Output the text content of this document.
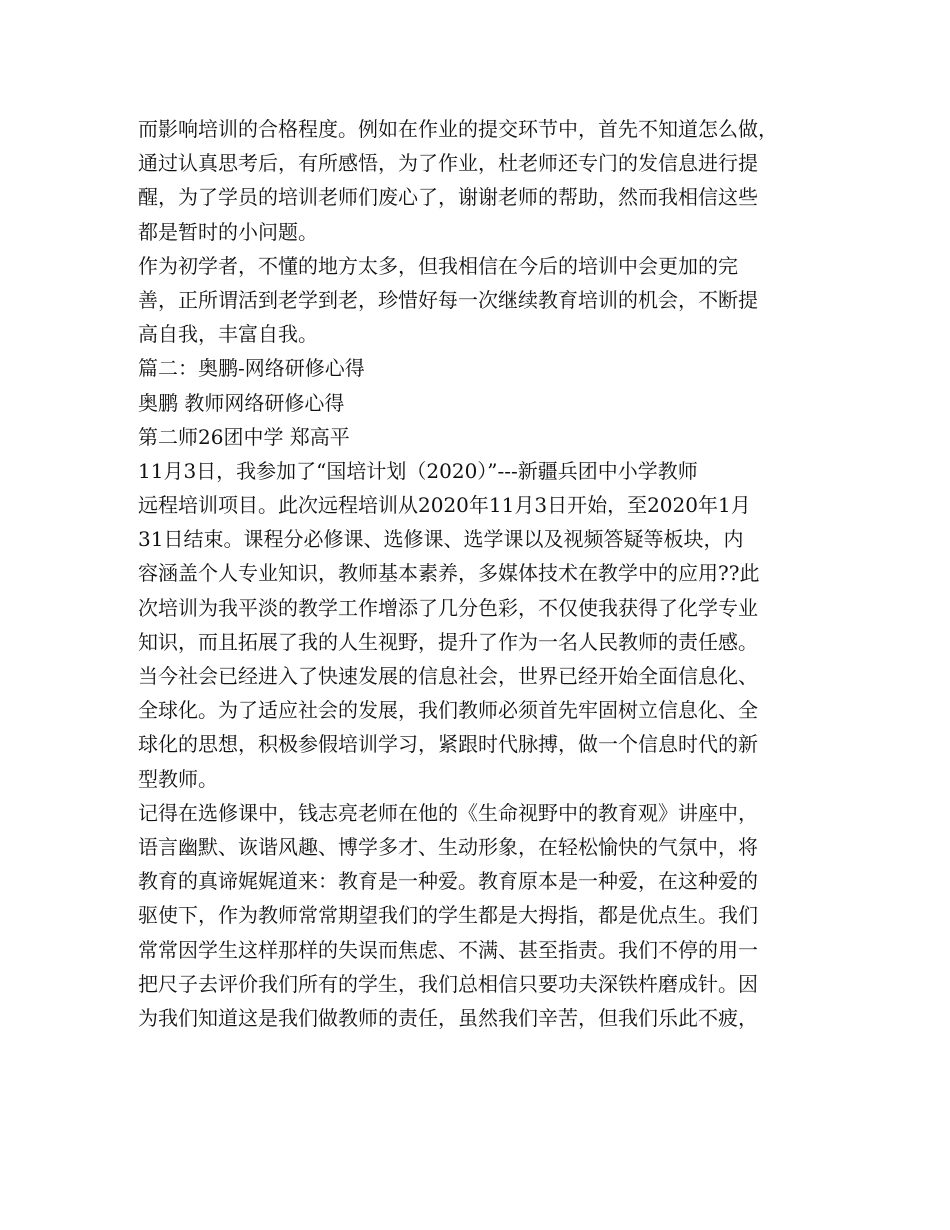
而影响培训的合格程度。例如在作业的提交环节中，首先不知道怎么做，
通过认真思考后，有所感悟，为了作业，杜老师还专门的发信息进行提
醒，为了学员的培训老师们废心了，谢谢老师的帮助，然而我相信这些
都是暂时的小问题。
作为初学者，不懂的地方太多，但我相信在今后的培训中会更加的完
善，正所谓活到老学到老，珍惜好每一次继续教育培训的机会，不断提
高自我，丰富自我。
篇二：奥鹏-网络研修心得
奥鹏 教师网络研修心得
第二师26团中学 郑高平
11月3日，我参加了“国培计划（2020）”---新疆兵团中小学教师
远程培训项目。此次远程培训从2020年11月3日开始，至2020年1月
31日结束。课程分必修课、选修课、选学课以及视频答疑等板块，内
容涵盖个人专业知识，教师基本素养，多媒体技术在教学中的应用??此
次培训为我平淡的教学工作增添了几分色彩，不仅使我获得了化学专业
知识，而且拓展了我的人生视野，提升了作为一名人民教师的责任感。
当今社会已经进入了快速发展的信息社会，世界已经开始全面信息化、
全球化。为了适应社会的发展，我们教师必须首先牢固树立信息化、全
球化的思想，积极参假培训学习，紧跟时代脉搏，做一个信息时代的新
型教师。
记得在选修课中，钱志亮老师在他的《生命视野中的教育观》讲座中，
语言幽默、诙谐风趣、博学多才、生动形象，在轻松愉快的气氛中，将
教育的真谛娓娓道来：教育是一种爱。教育原本是一种爱，在这种爱的
驱使下，作为教师常常期望我们的学生都是大拇指，都是优点生。我们
常常因学生这样那样的失误而焦虑、不满、甚至指责。我们不停的用一
把尺子去评价我们所有的学生，我们总相信只要功夫深铁杵磨成针。因
为我们知道这是我们做教师的责任，虽然我们辛苦，但我们乐此不疲，
